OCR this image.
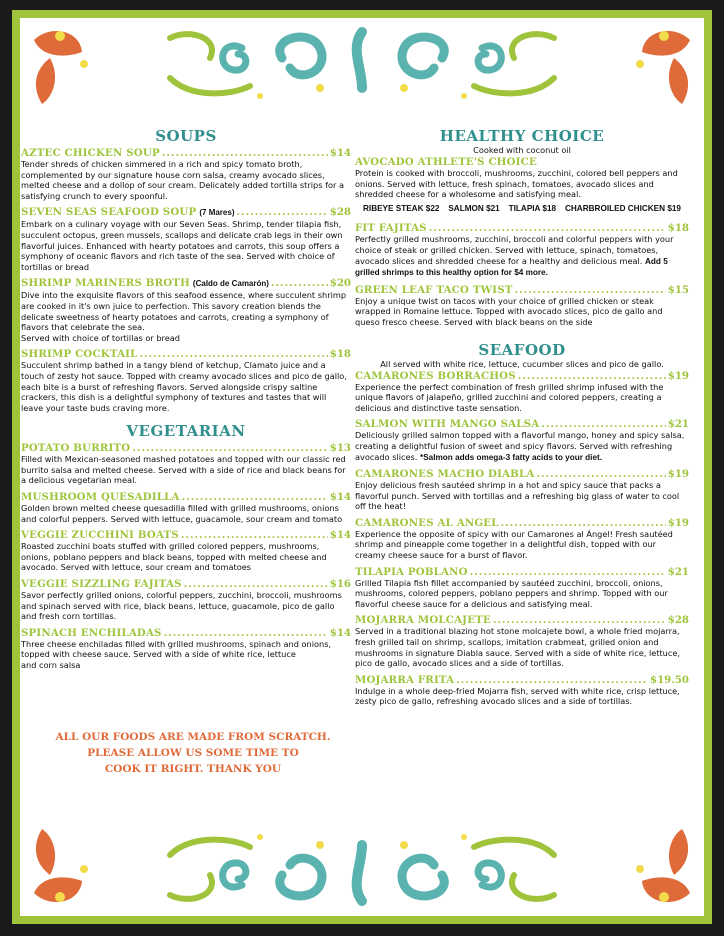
SOUPS
AZTEC CHICKEN SOUP .....	$14

Tender shreds of chicken simmered in a rich and spicy tomato broth, complemented by our signature house corn salsa, creamy avocado slices, melted cheese and a dollop of sour cream. Delicately added tortilla strips for a satisfying crunch to every spoonful.

SEVEN SEAS SEAFOOD SOUP (7 Mares) .....	$28

Embark on a culinary voyage with our Seven Seas. Shrimp, tender tilapia fish, succulent octopus, green mussels, scallops and delicate crab legs in their own flavorful juices. Enhanced with hearty potatoes and carrots, this soup offers a symphony of oceanic flavors and rich taste of the sea. Served with choice of tortillas or bread

SHRIMP MARINERS BROTH (Caldo de Camarón) .....	$20

Dive into the exquisite flavors of this seafood essence, where succulent shrimp are cooked in it's own juice to perfection. This savory creation blends the delicate sweetness of hearty potatoes and carrots, creating a symphony of flavors that celebrate the sea.

Served with choice of tortillas or bread

SHRIMP COCKTAIL .....	$18

Succulent shrimp bathed in a tangy blend of ketchup, Clamato juice and a touch of zesty hot sauce. Topped with creamy avocado slices and pico de gallo, each bite is a burst of refreshing flavors. Served alongside crispy saltine crackers, this dish is a delightful symphony of textures and tastes that will leave your taste buds craving more.

VEGETARIAN
POTATO BURRITO .....	$13

Filled with Mexican-seasoned mashed potatoes and topped with our classic red burrito salsa and melted cheese. Served with a side of rice and black beans for a delicious vegetarian meal.

MUSHROOM QUESADILLA .....	$14

Golden brown melted cheese quesadilla filled with grilled mushrooms, onions and colorful peppers. Served with lettuce, guacamole, sour cream and tomato

VEGGIE ZUCCHINI BOATS .....	$14

Roasted zucchini boats stuffed with grilled colored peppers, mushrooms, onions, poblano peppers and black beans, topped with melted cheese and avocado. Served with lettuce, sour cream and tomatoes

VEGGIE SIZZLING FAJITAS .....	$16

Savor perfectly grilled onions, colorful peppers, zucchini, broccoli, mushrooms and spinach served with rice, black beans, lettuce, guacamole, pico de gallo and fresh corn tortillas.

SPINACH ENCHILADAS .....	$14

Three cheese enchiladas filled with grilled mushrooms, spinach and onions, topped with cheese sauce. Served with a side of white rice, lettuce

and corn salsa

ALL OUR FOODS ARE MADE FROM SCRATCH.
PLEASE ALLOW US SOME TIME TO
COOK IT RIGHT. THANK YOU
HEALTHY CHOICE
Cooked with coconut oil
AVOCADO ATHLETE'S CHOICE

Protein is cooked with broccoli, mushrooms, zucchini, colored bell peppers and onions. Served with lettuce, fresh spinach, tomatoes, avocado slices and shredded cheese for a wholesome and satisfying meal.

RIBEYE STEAK $22 SALMON $21 TILAPIA $18 CHARBROILED CHICKEN $19
FIT FAJITAS .....	$18

Perfectly grilled mushrooms, zucchini, broccoli and colorful peppers with your choice of steak or grilled chicken. Served with lettuce, spinach, tomatoes, avocado slices and shredded cheese for a healthy and delicious meal. Add 5 grilled shrimps to this healthy option for $4 more.

GREEN LEAF TACO TWIST .....	$15

Enjoy a unique twist on tacos with your choice of grilled chicken or steak wrapped in Romaine lettuce. Topped with avocado slices, pico de gallo and queso fresco cheese. Served with black beans on the side

SEAFOOD
All served with white rice, lettuce, cucumber slices and pico de gallo.
CAMARONES BORRACHOS .....	$19

Experience the perfect combination of fresh grilled shrimp infused with the unique flavors of jalapeño, grilled zucchini and colored peppers, creating a delicious and distinctive taste sensation.

SALMON WITH MANGO SALSA .....	$21

Deliciously grilled salmon topped with a flavorful mango, honey and spicy salsa, creating a delightful fusion of sweet and spicy flavors. Served with refreshing avocado slices. *Salmon adds omega-3 fatty acids to your diet.

CAMARONES MACHO DIABLA .....	$19

Enjoy delicious fresh sautéed shrimp in a hot and spicy sauce that packs a flavorful punch. Served with tortillas and a refreshing big glass of water to cool off the heat!

CAMARONES AL ANGEL .....	$19

Experience the opposite of spicy with our Camarones al Ángel! Fresh sautéed shrimp and pineapple come together in a delightful dish, topped with our creamy cheese sauce for a burst of flavor.

TILAPIA POBLANO .....	$21

Grilled Tilapia fish fillet accompanied by sautéed zucchini, broccoli, onions, mushrooms, colored peppers, poblano peppers and shrimp. Topped with our flavorful cheese sauce for a delicious and satisfying meal.

MOJARRA MOLCAJETE .....	$28

Served in a traditional blazing hot stone molcajete bowl, a whole fried mojarra, fresh grilled tail on shrimp, scallops, imitation crabmeat, grilled onion and mushrooms in signature Diabla sauce. Served with a side of white rice, lettuce, pico de gallo, avocado slices and a side of tortillas.

MOJARRA FRITA .....	$19.50

Indulge in a whole deep-fried Mojarra fish, served with white rice, crisp lettuce, zesty pico de gallo, refreshing avocado slices and a side of tortillas.
